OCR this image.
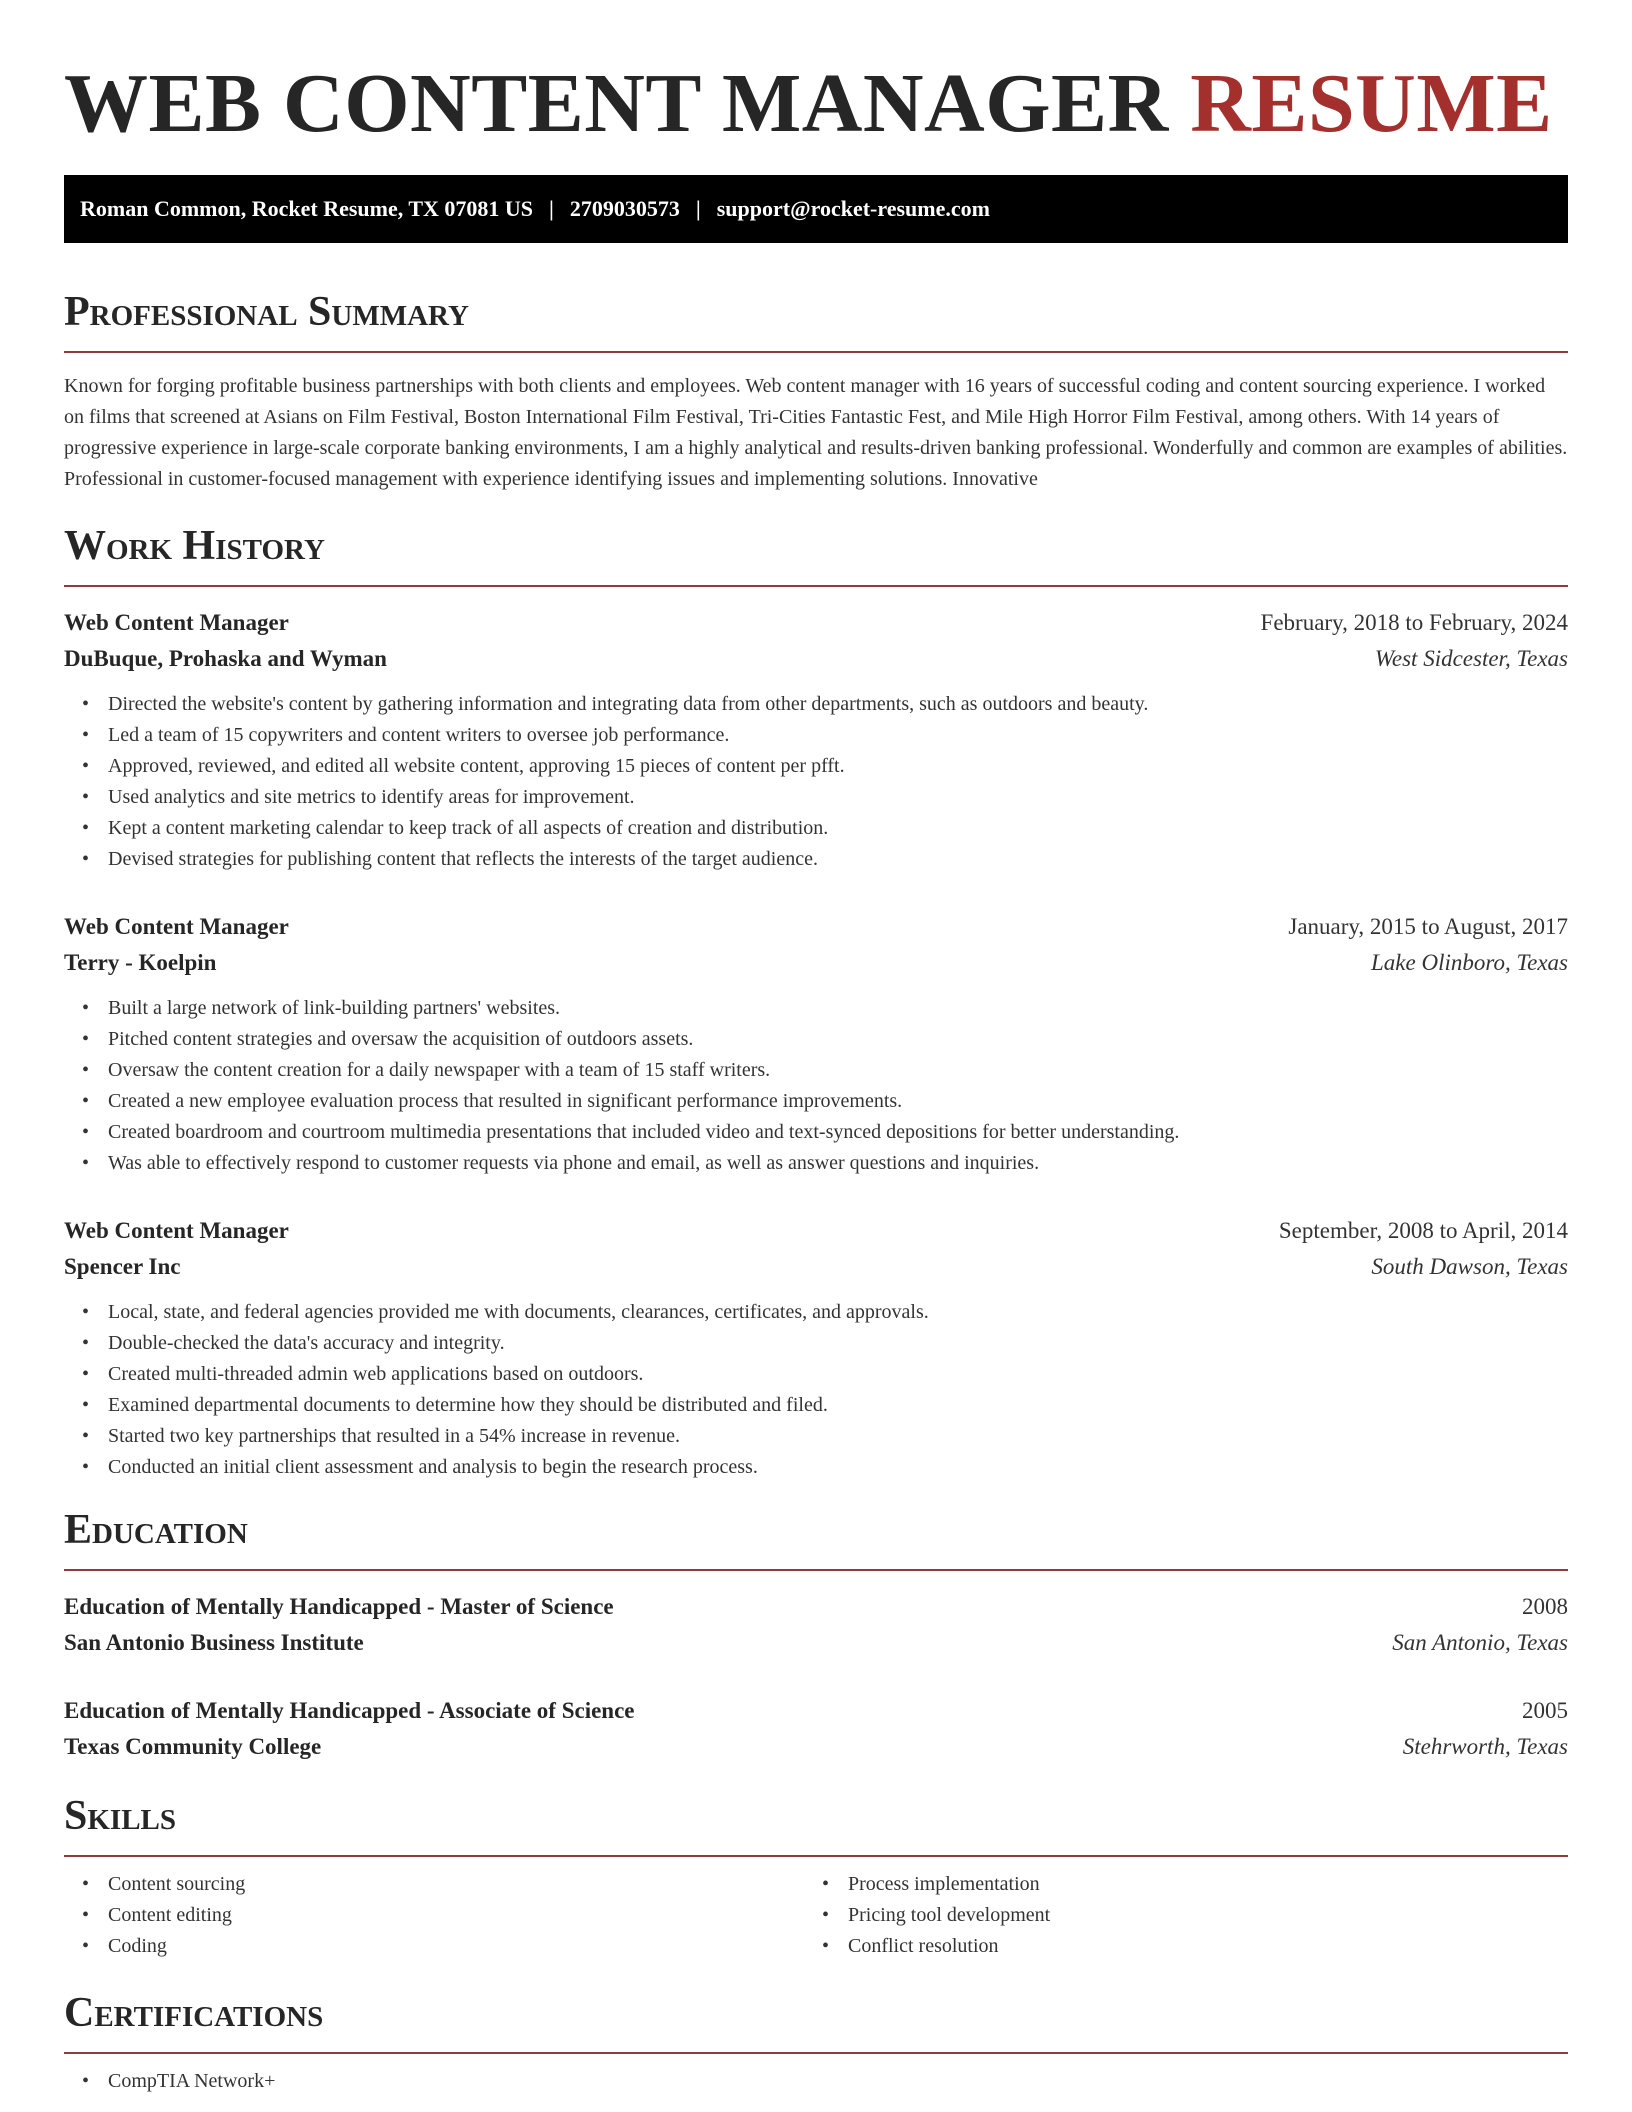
WEB CONTENT MANAGER RESUME
Roman Common, Rocket Resume, TX 07081 US | 2709030573 | support@rocket-resume.com
Professional Summary
Known for forging profitable business partnerships with both clients and employees. Web content manager with 16 years of successful coding and content sourcing experience. I worked on films that screened at Asians on Film Festival, Boston International Film Festival, Tri-Cities Fantastic Fest, and Mile High Horror Film Festival, among others. With 14 years of progressive experience in large-scale corporate banking environments, I am a highly analytical and results-driven banking professional. Wonderfully and common are examples of abilities. Professional in customer-focused management with experience identifying issues and implementing solutions. Innovative
Work History
Web Content Manager	February, 2018 to February, 2024
DuBuque, Prohaska and Wyman	West Sidcester, Texas
• Directed the website's content by gathering information and integrating data from other departments, such as outdoors and beauty.
• Led a team of 15 copywriters and content writers to oversee job performance.
• Approved, reviewed, and edited all website content, approving 15 pieces of content per pfft.
• Used analytics and site metrics to identify areas for improvement.
• Kept a content marketing calendar to keep track of all aspects of creation and distribution.
• Devised strategies for publishing content that reflects the interests of the target audience.
Web Content Manager	January, 2015 to August, 2017
Terry - Koelpin	Lake Olinboro, Texas
• Built a large network of link-building partners' websites.
• Pitched content strategies and oversaw the acquisition of outdoors assets.
• Oversaw the content creation for a daily newspaper with a team of 15 staff writers.
• Created a new employee evaluation process that resulted in significant performance improvements.
• Created boardroom and courtroom multimedia presentations that included video and text-synced depositions for better understanding.
• Was able to effectively respond to customer requests via phone and email, as well as answer questions and inquiries.
Web Content Manager	September, 2008 to April, 2014
Spencer Inc	South Dawson, Texas
• Local, state, and federal agencies provided me with documents, clearances, certificates, and approvals.
• Double-checked the data's accuracy and integrity.
• Created multi-threaded admin web applications based on outdoors.
• Examined departmental documents to determine how they should be distributed and filed.
• Started two key partnerships that resulted in a 54% increase in revenue.
• Conducted an initial client assessment and analysis to begin the research process.
Education
Education of Mentally Handicapped - Master of Science	2008
San Antonio Business Institute	San Antonio, Texas
Education of Mentally Handicapped - Associate of Science	2005
Texas Community College	Stehrworth, Texas
Skills
• Content sourcing
• Content editing
• Coding
• Process implementation
• Pricing tool development
• Conflict resolution
Certifications
• CompTIA Network+
